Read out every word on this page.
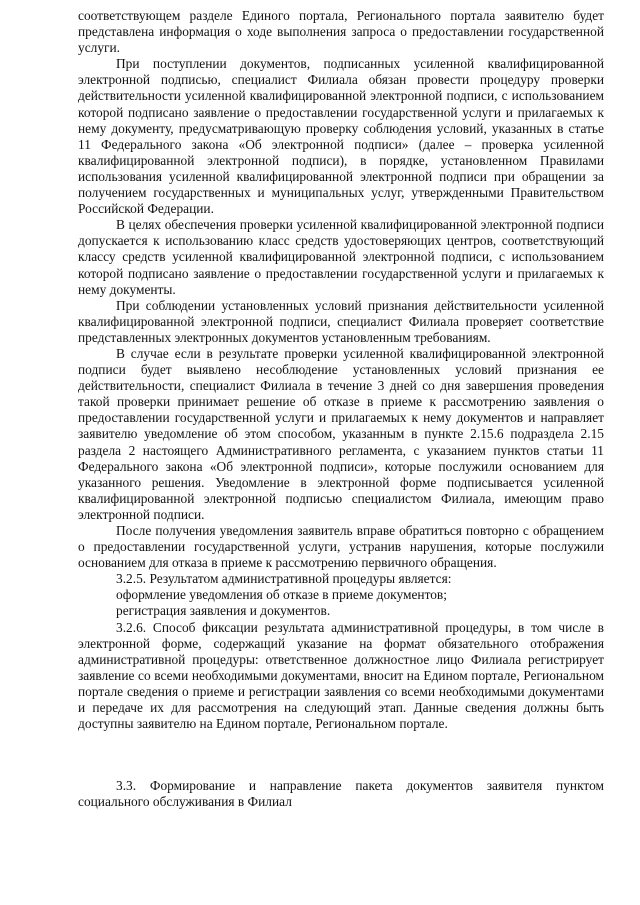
соответствующем разделе Единого портала, Регионального портала заявителю будет представлена информация о ходе выполнения запроса о предоставлении государственной услуги.

При поступлении документов, подписанных усиленной квалифицированной электронной подписью, специалист Филиала обязан провести процедуру проверки действительности усиленной квалифицированной электронной подписи, с использованием которой подписано заявление о предоставлении государственной услуги и прилагаемых к нему документу, предусматривающую проверку соблюдения условий, указанных в статье 11 Федерального закона «Об электронной подписи» (далее – проверка усиленной квалифицированной электронной подписи), в порядке, установленном Правилами использования усиленной квалифицированной электронной подписи при обращении за получением государственных и муниципальных услуг, утвержденными Правительством Российской Федерации.

В целях обеспечения проверки усиленной квалифицированной электронной подписи допускается к использованию класс средств удостоверяющих центров, соответствующий классу средств усиленной квалифицированной электронной подписи, с использованием которой подписано заявление о предоставлении государственной услуги и прилагаемых к нему документы.

При соблюдении установленных условий признания действительности усиленной квалифицированной электронной подписи, специалист Филиала проверяет соответствие представленных электронных документов установленным требованиям.

В случае если в результате проверки усиленной квалифицированной электронной подписи будет выявлено несоблюдение установленных условий признания ее действительности, специалист Филиала в течение 3 дней со дня завершения проведения такой проверки принимает решение об отказе в приеме к рассмотрению заявления о предоставлении государственной услуги и прилагаемых к нему документов и направляет заявителю уведомление об этом способом, указанным в пункте 2.15.6 подраздела 2.15 раздела 2 настоящего Административного регламента, с указанием пунктов статьи 11 Федерального закона «Об электронной подписи», которые послужили основанием для указанного решения. Уведомление в электронной форме подписывается усиленной квалифицированной электронной подписью специалистом Филиала, имеющим право электронной подписи.

После получения уведомления заявитель вправе обратиться повторно с обращением о предоставлении государственной услуги, устранив нарушения, которые послужили основанием для отказа в приеме к рассмотрению первичного обращения.

3.2.5. Результатом административной процедуры является:

оформление уведомления об отказе в приеме документов;

регистрация заявления и документов.

3.2.6. Способ фиксации результата административной процедуры, в том числе в электронной форме, содержащий указание на формат обязательного отображения административной процедуры: ответственное должностное лицо Филиала регистрирует заявление со всеми необходимыми документами, вносит на Едином портале, Региональном портале сведения о приеме и регистрации заявления со всеми необходимыми документами и передаче их для рассмотрения на следующий этап. Данные сведения должны быть доступны заявителю на Едином портале, Региональном портале.

3.3. Формирование и направление пакета документов заявителя пунктом социального обслуживания в Филиал
